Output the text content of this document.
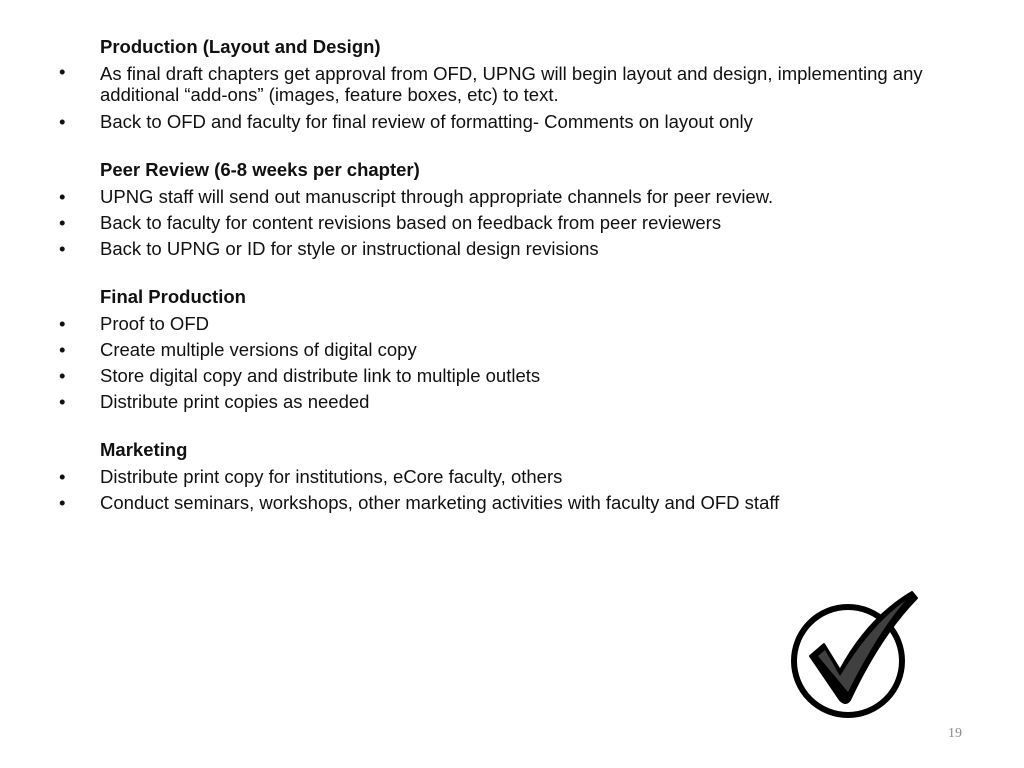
Production (Layout and Design)
• As final draft chapters get approval from OFD, UPNG will begin layout and design, implementing any additional “add-ons” (images, feature boxes, etc) to text.
• Back to OFD and faculty for final review of formatting- Comments on layout only
Peer Review (6-8 weeks per chapter)
• UPNG staff will send out manuscript through appropriate channels for peer review.
• Back to faculty for content revisions based on feedback from peer reviewers
• Back to UPNG or ID for style or instructional design revisions
Final Production
• Proof to OFD
• Create multiple versions of digital copy
• Store digital copy and distribute link to multiple outlets
• Distribute print copies as needed
Marketing
• Distribute print copy for institutions, eCore faculty, others
• Conduct seminars, workshops, other marketing activities with faculty and OFD staff
19
